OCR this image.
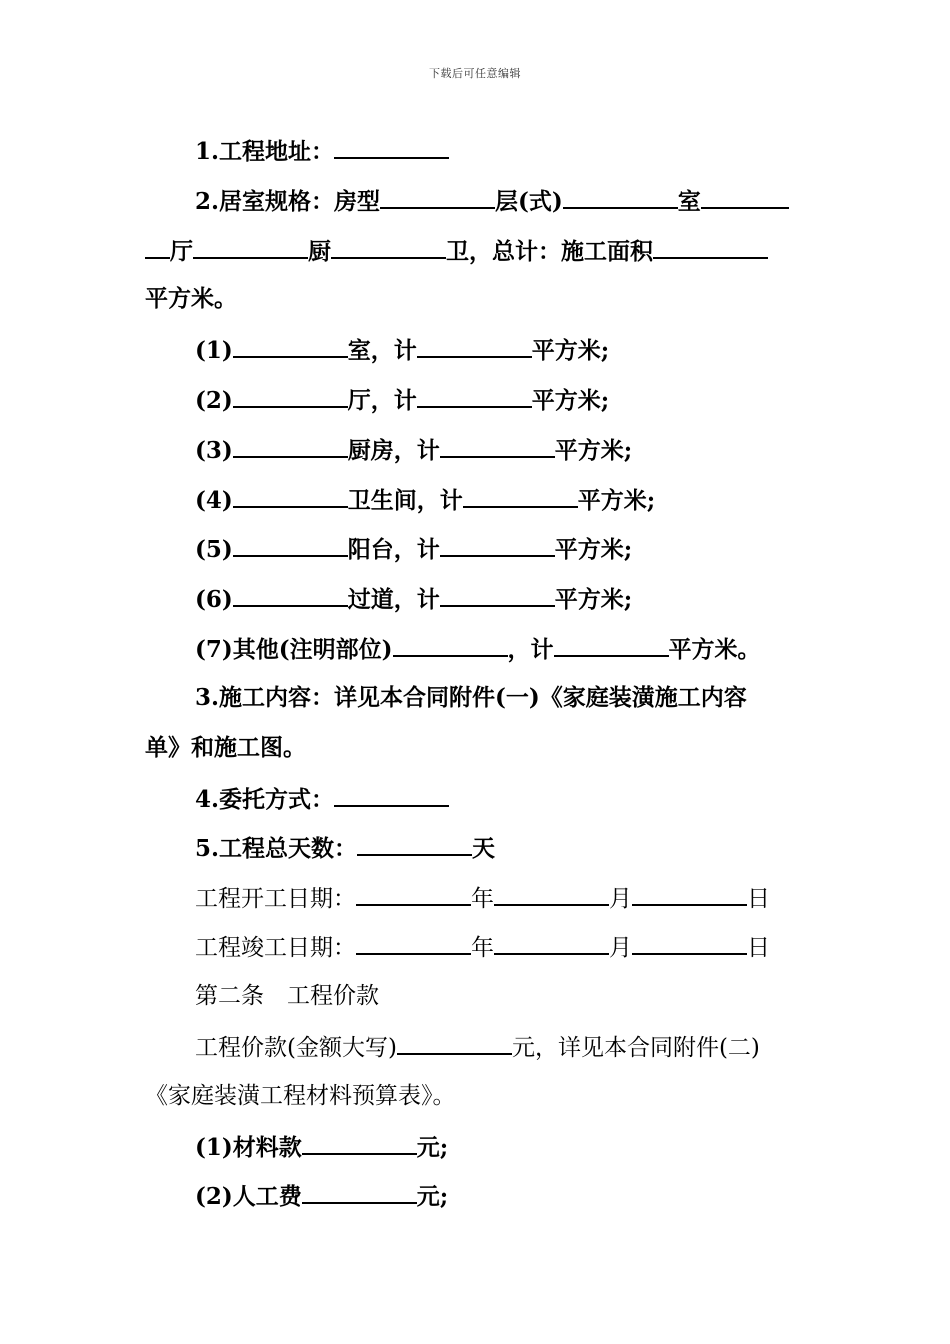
下载后可任意编辑
1.工程地址：
2.居室规格：房型	层(式)	室
厅	厨	卫，总计：施工面积
平方米。
(1)	室，计	平方米;
(2)	厅，计	平方米;
(3)	厨房，计	平方米;
(4)	卫生间，计	平方米;
(5)	阳台，计	平方米;
(6)	过道，计	平方米;
(7)其他(注明部位)	，计	平方米。
3.施工内容：详见本合同附件(一)《家庭装潢施工内容
单》和施工图。
4.委托方式：
5.工程总天数：	天
工程开工日期：	年	月	日
工程竣工日期：	年	月	日
第二条　工程价款
工程价款(金额大写)	元，详见本合同附件(二)
《家庭装潢工程材料预算表》。
(1)材料款	元;
(2)人工费	元;
